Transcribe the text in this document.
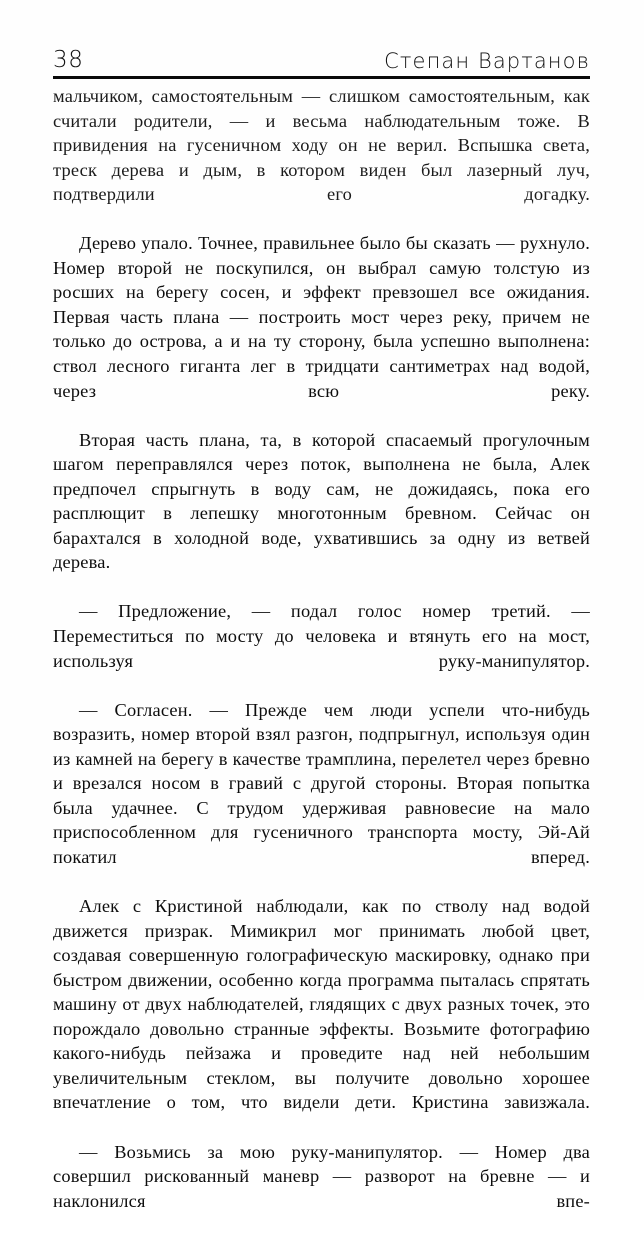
38	Степан Вартанов

мальчиком, самостоятельным — слишком самостоятельным, как считали родители, — и весьма наблюдательным тоже. В привидения на гусеничном ходу он не верил. Вспышка света, треск дерева и дым, в котором виден был лазерный луч, подтвердили его догадку.

Дерево упало. Точнее, правильнее было бы сказать — рухнуло. Номер второй не поскупился, он выбрал самую толстую из росших на берегу сосен, и эффект превзошел все ожидания. Первая часть плана — построить мост через реку, причем не только до острова, а и на ту сторону, была успешно выполнена: ствол лесного гиганта лег в тридцати сантиметрах над водой, через всю реку.

Вторая часть плана, та, в которой спасаемый прогулочным шагом переправлялся через поток, выполнена не была, Алек предпочел спрыгнуть в воду сам, не дожидаясь, пока его расплющит в лепешку многотонным бревном. Сейчас он барахтался в холодной воде, ухватившись за одну из ветвей дерева.

— Предложение, — подал голос номер третий. — Переместиться по мосту до человека и втянуть его на мост, используя руку-манипулятор.

— Согласен. — Прежде чем люди успели что-нибудь возразить, номер второй взял разгон, подпрыгнул, используя один из камней на берегу в качестве трамплина, перелетел через бревно и врезался носом в гравий с другой стороны. Вторая попытка была удачнее. С трудом удерживая равновесие на мало приспособленном для гусеничного транспорта мосту, Эй-Ай покатил вперед.

Алек с Кристиной наблюдали, как по стволу над водой движется призрак. Мимикрил мог принимать любой цвет, создавая совершенную голографическую маскировку, однако при быстром движении, особенно когда программа пыталась спрятать машину от двух наблюдателей, глядящих с двух разных точек, это порождало довольно странные эффекты. Возьмите фотографию какого-нибудь пейзажа и проведите над ней небольшим увеличительным стеклом, вы получите довольно хорошее впечатление о том, что видели дети. Кристина завизжала.

— Возьмись за мою руку-манипулятор. — Номер два совершил рискованный маневр — разворот на бревне — и наклонился впе-
